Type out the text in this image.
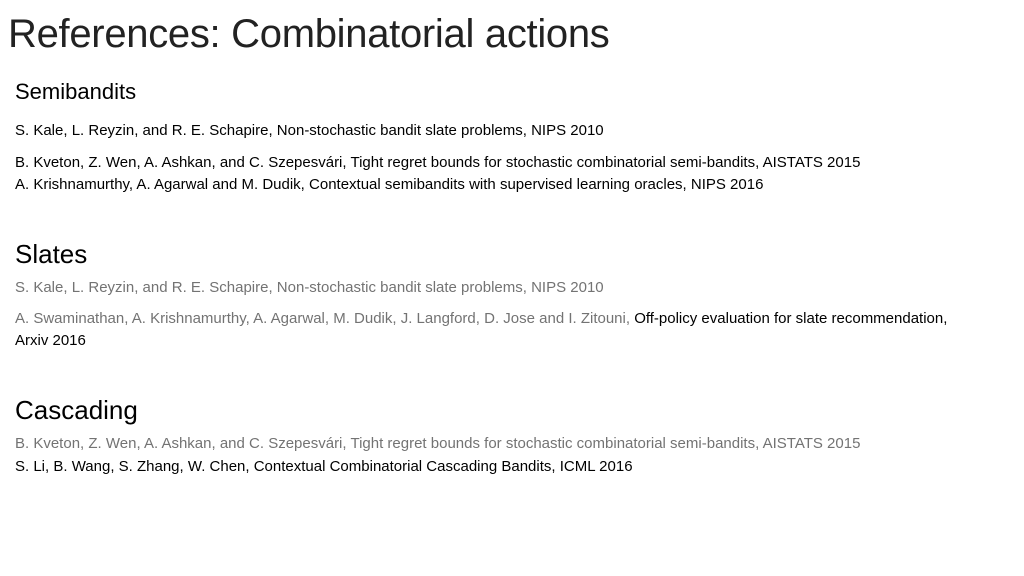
References: Combinatorial actions
Semibandits
S. Kale, L. Reyzin, and R. E. Schapire, Non-stochastic bandit slate problems, NIPS 2010
B. Kveton, Z. Wen, A. Ashkan, and C. Szepesvári, Tight regret bounds for stochastic combinatorial semi-bandits, AISTATS 2015
A. Krishnamurthy, A. Agarwal and M. Dudik, Contextual semibandits with supervised learning oracles, NIPS 2016
Slates
S. Kale, L. Reyzin, and R. E. Schapire, Non-stochastic bandit slate problems, NIPS 2010
A. Swaminathan, A. Krishnamurthy, A. Agarwal, M. Dudik, J. Langford, D. Jose and I. Zitouni, Off-policy evaluation for slate recommendation, Arxiv 2016
Cascading
B. Kveton, Z. Wen, A. Ashkan, and C. Szepesvári, Tight regret bounds for stochastic combinatorial semi-bandits, AISTATS 2015
S. Li, B. Wang, S. Zhang, W. Chen, Contextual Combinatorial Cascading Bandits, ICML 2016
